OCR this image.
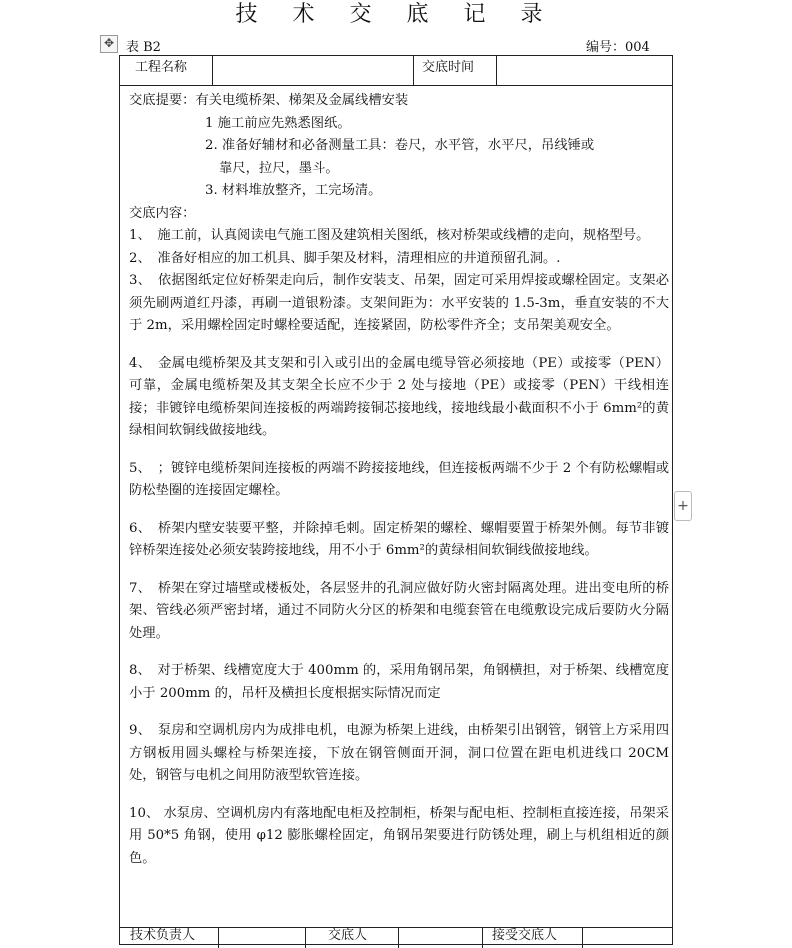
技 术 交 底 记 录
✥ 表 B2	编号：004
工程名称	交底时间

交底提要：有关电缆桥架、梯架及金属线槽安装

1 施工前应先熟悉图纸。

2. 准备好辅材和必备测量工具：卷尺，水平管，水平尺，吊线锤或
靠尺，拉尺，墨斗。

3. 材料堆放整齐，工完场清。

交底内容：

1、　施工前，认真阅读电气施工图及建筑相关图纸，核对桥架或线槽的走向，规格型号。

2、　准备好相应的加工机具、脚手架及材料，清理相应的井道预留孔洞。.

3、　依据图纸定位好桥架走向后，制作安装支、吊架，固定可采用焊接或螺栓固定。支架必须先刷两道红丹漆，再刷一道银粉漆。支架间距为：水平安装的 1.5-3m，垂直安装的不大于 2m，采用螺栓固定时螺栓要适配，连接紧固，防松零件齐全；支吊架美观安全。

4、　金属电缆桥架及其支架和引入或引出的金属电缆导管必须接地（PE）或接零（PEN）可靠，金属电缆桥架及其支架全长应不少于 2 处与接地（PE）或接零（PEN）干线相连接；非镀锌电缆桥架间连接板的两端跨接铜芯接地线，接地线最小截面积不小于 6mm²的黄绿相间软铜线做接地线。

5、　；镀锌电缆桥架间连接板的两端不跨接接地线，但连接板两端不少于 2 个有防松螺帽或防松垫圈的连接固定螺栓。

6、　桥架内壁安装要平整，并除掉毛刺。固定桥架的螺栓、螺帽要置于桥架外侧。每节非镀锌桥架连接处必须安装跨接地线，用不小于 6mm²的黄绿相间软铜线做接地线。

7、　桥架在穿过墙壁或楼板处，各层竖井的孔洞应做好防火密封隔离处理。进出变电所的桥架、管线必须严密封堵，通过不同防火分区的桥架和电缆套管在电缆敷设完成后要防火分隔处理。

8、　对于桥架、线槽宽度大于 400mm 的，采用角钢吊架，角钢横担，对于桥架、线槽宽度小于 200mm 的，吊杆及横担长度根据实际情况而定

9、　泵房和空调机房内为成排电机，电源为桥架上进线，由桥架引出钢管，钢管上方采用四方钢板用圆头螺栓与桥架连接，下放在钢管侧面开洞，洞口位置在距电机进线口 20CM 处，钢管与电机之间用防液型软管连接。

10、 水泵房、空调机房内有落地配电柜及控制柜，桥架与配电柜、控制柜直接连接，吊架采用 50*5 角钢，使用 φ12 膨胀螺栓固定，角钢吊架要进行防锈处理，刷上与机组相近的颜色。

技术负责人	交底人	接受交底人
+
